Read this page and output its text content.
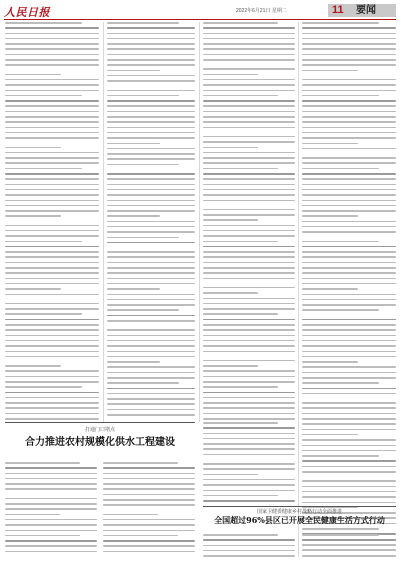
人民日报	2022年6月21日 星期二	11 要闻
打通门口堵点
合力推进农村规模化供水工程建设
国家卫健委健康乡村战略行动全面推进
全国超过96%县区已开展全民健康生活方式行动
